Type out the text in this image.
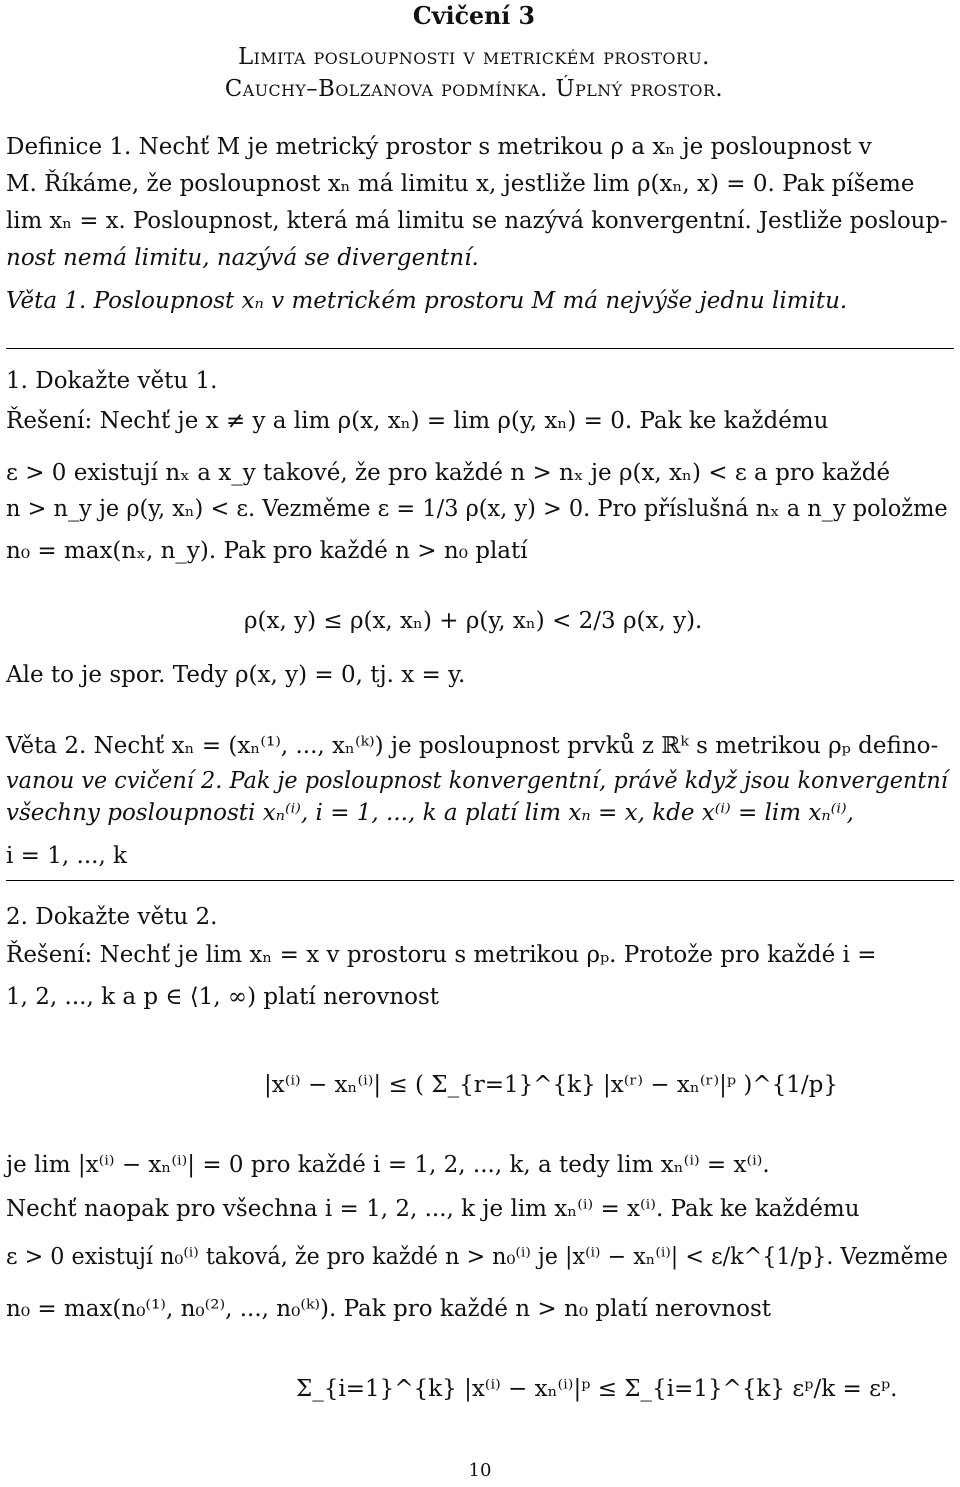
Cvičení 3
Limita posloupnosti v metrickém prostoru.
Cauchy–Bolzanova podmínka. Úplný prostor.
Definice 1. Nechť M je metrický prostor s metrikou ρ a xₙ je posloupnost v
M. Říkáme, že posloupnost xₙ má limitu x, jestliže lim ρ(xₙ, x) = 0. Pak píšeme
lim xₙ = x. Posloupnost, která má limitu se nazývá konvergentní. Jestliže posloup-
nost nemá limitu, nazývá se divergentní.
Věta 1. Posloupnost xₙ v metrickém prostoru M má nejvýše jednu limitu.
1. Dokažte větu 1.
Řešení: Nechť je x ≠ y a lim ρ(x, xₙ) = lim ρ(y, xₙ) = 0. Pak ke každému
ε > 0 existují nₓ a x_y takové, že pro každé n > nₓ je ρ(x, xₙ) < ε a pro každé
n > n_y je ρ(y, xₙ) < ε. Vezměme ε = 1/3 ρ(x, y) > 0. Pro příslušná nₓ a n_y položme
n₀ = max(nₓ, n_y). Pak pro každé n > n₀ platí
ρ(x, y) ≤ ρ(x, xₙ) + ρ(y, xₙ) < 2/3 ρ(x, y).
Ale to je spor. Tedy ρ(x, y) = 0, tj. x = y.
Věta 2. Nechť xₙ = (xₙ⁽¹⁾, ..., xₙ⁽ᵏ⁾) je posloupnost prvků z ℝᵏ s metrikou ρₚ defino-
vanou ve cvičení 2. Pak je posloupnost konvergentní, právě když jsou konvergentní
všechny posloupnosti xₙ⁽ⁱ⁾, i = 1, ..., k a platí lim xₙ = x, kde x⁽ⁱ⁾ = lim xₙ⁽ⁱ⁾,
i = 1, ..., k
2. Dokažte větu 2.
Řešení: Nechť je lim xₙ = x v prostoru s metrikou ρₚ. Protože pro každé i =
1, 2, ..., k a p ∈ ⟨1, ∞) platí nerovnost
|x⁽ⁱ⁾ − xₙ⁽ⁱ⁾| ≤ ( Σ_{r=1}^{k} |x⁽ʳ⁾ − xₙ⁽ʳ⁾|ᵖ )^{1/p}
je lim |x⁽ⁱ⁾ − xₙ⁽ⁱ⁾| = 0 pro každé i = 1, 2, ..., k, a tedy lim xₙ⁽ⁱ⁾ = x⁽ⁱ⁾.
Nechť naopak pro všechna i = 1, 2, ..., k je lim xₙ⁽ⁱ⁾ = x⁽ⁱ⁾. Pak ke každému
ε > 0 existují n₀⁽ⁱ⁾ taková, že pro každé n > n₀⁽ⁱ⁾ je |x⁽ⁱ⁾ − xₙ⁽ⁱ⁾| < ε/k^{1/p}. Vezměme
n₀ = max(n₀⁽¹⁾, n₀⁽²⁾, ..., n₀⁽ᵏ⁾). Pak pro každé n > n₀ platí nerovnost
Σ_{i=1}^{k} |x⁽ⁱ⁾ − xₙ⁽ⁱ⁾|ᵖ ≤ Σ_{i=1}^{k} εᵖ/k = εᵖ.
10
